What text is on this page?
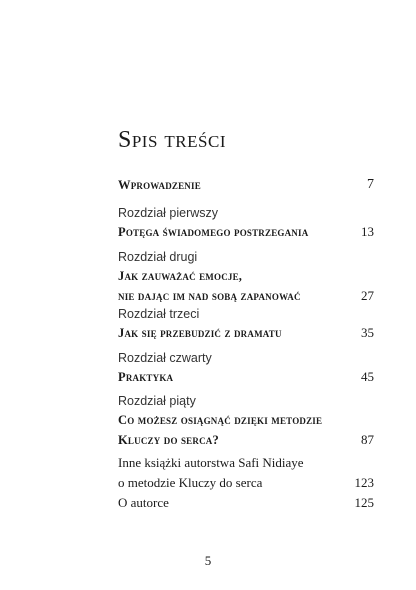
Spis treści
Wprowadzenie	7
Rozdział pierwszy
Potęga świadomego postrzegania	13
Rozdział drugi
Jak zauważać emocje,
nie dając im nad sobą zapanować	27
Rozdział trzeci
Jak się przebudzić z dramatu	35
Rozdział czwarty
Praktyka	45
Rozdział piąty
Co możesz osiągnąć dzięki metodzie
Kluczy do serca?	87
Inne książki autorstwa Safi Nidiaye
o metodzie Kluczy do serca	123
O autorce	125
5
